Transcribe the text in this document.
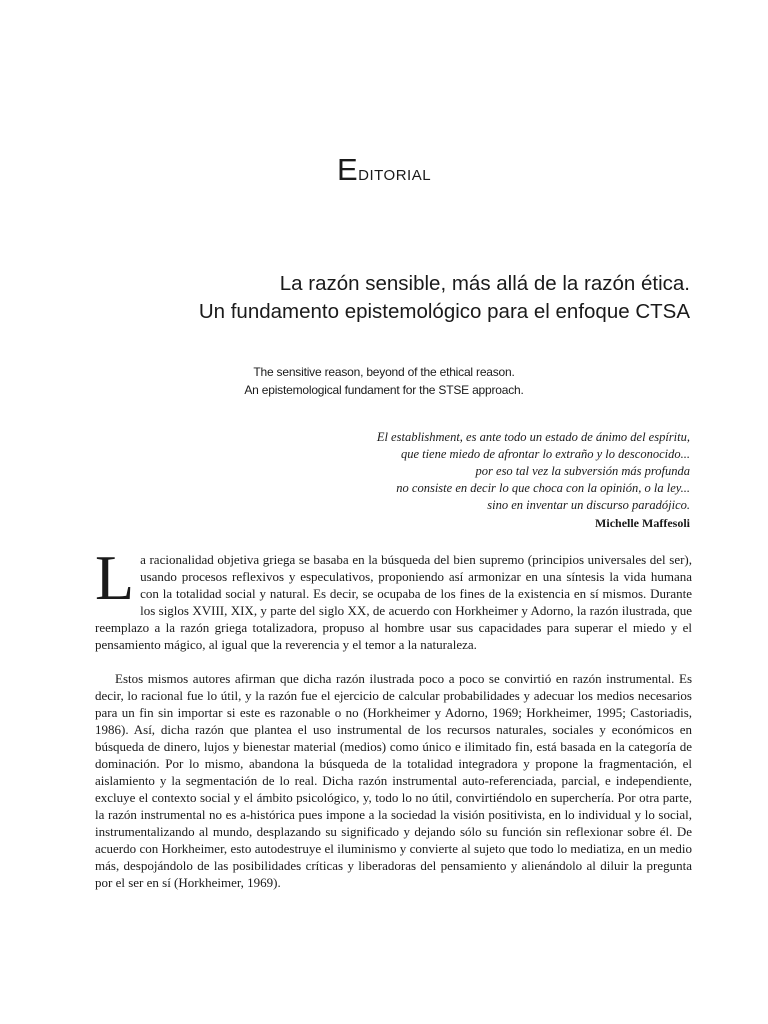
Editorial
La razón sensible, más allá de la razón ética.
Un fundamento epistemológico para el enfoque CTSA
The sensitive reason, beyond of the ethical reason.
An epistemological fundament for the STSE approach.
El establishment, es ante todo un estado de ánimo del espíritu,
que tiene miedo de afrontar lo extraño y lo desconocido...
por eso tal vez la subversión más profunda
no consiste en decir lo que choca con la opinión, o la ley...
sino en inventar un discurso paradójico.
Michelle Maffesoli

La racionalidad objetiva griega se basaba en la búsqueda del bien supremo (principios universales del ser), usando procesos reflexivos y especulativos, proponiendo así armonizar en una síntesis la vida humana con la totalidad social y natural. Es decir, se ocupaba de los fines de la existencia en sí mismos. Durante los siglos XVIII, XIX, y parte del siglo XX, de acuerdo con Horkheimer y Adorno, la razón ilustrada, que reemplazo a la razón griega totalizadora, propuso al hombre usar sus capacidades para superar el miedo y el pensamiento mágico, al igual que la reverencia y el temor a la naturaleza.

Estos mismos autores afirman que dicha razón ilustrada poco a poco se convirtió en razón instrumental. Es decir, lo racional fue lo útil, y la razón fue el ejercicio de calcular probabilidades y adecuar los medios necesarios para un fin sin importar si este es razonable o no (Horkheimer y Adorno, 1969; Horkheimer, 1995; Castoriadis, 1986). Así, dicha razón que plantea el uso instrumental de los recursos naturales, sociales y económicos en búsqueda de dinero, lujos y bienestar material (medios) como único e ilimitado fin, está basada en la categoría de dominación. Por lo mismo, abandona la búsqueda de la totalidad integradora y propone la fragmentación, el aislamiento y la segmentación de lo real. Dicha razón instrumental auto-referenciada, parcial, e independiente, excluye el contexto social y el ámbito psicológico, y, todo lo no útil, convirtiéndolo en superchería. Por otra parte, la razón instrumental no es a-histórica pues impone a la sociedad la visión positivista, en lo individual y lo social, instrumentalizando al mundo, desplazando su significado y dejando sólo su función sin reflexionar sobre él. De acuerdo con Horkheimer, esto autodestruye el iluminismo y convierte al sujeto que todo lo mediatiza, en un medio más, despojándolo de las posibilidades críticas y liberadoras del pensamiento y alienándolo al diluir la pregunta por el ser en sí (Horkheimer, 1969).
